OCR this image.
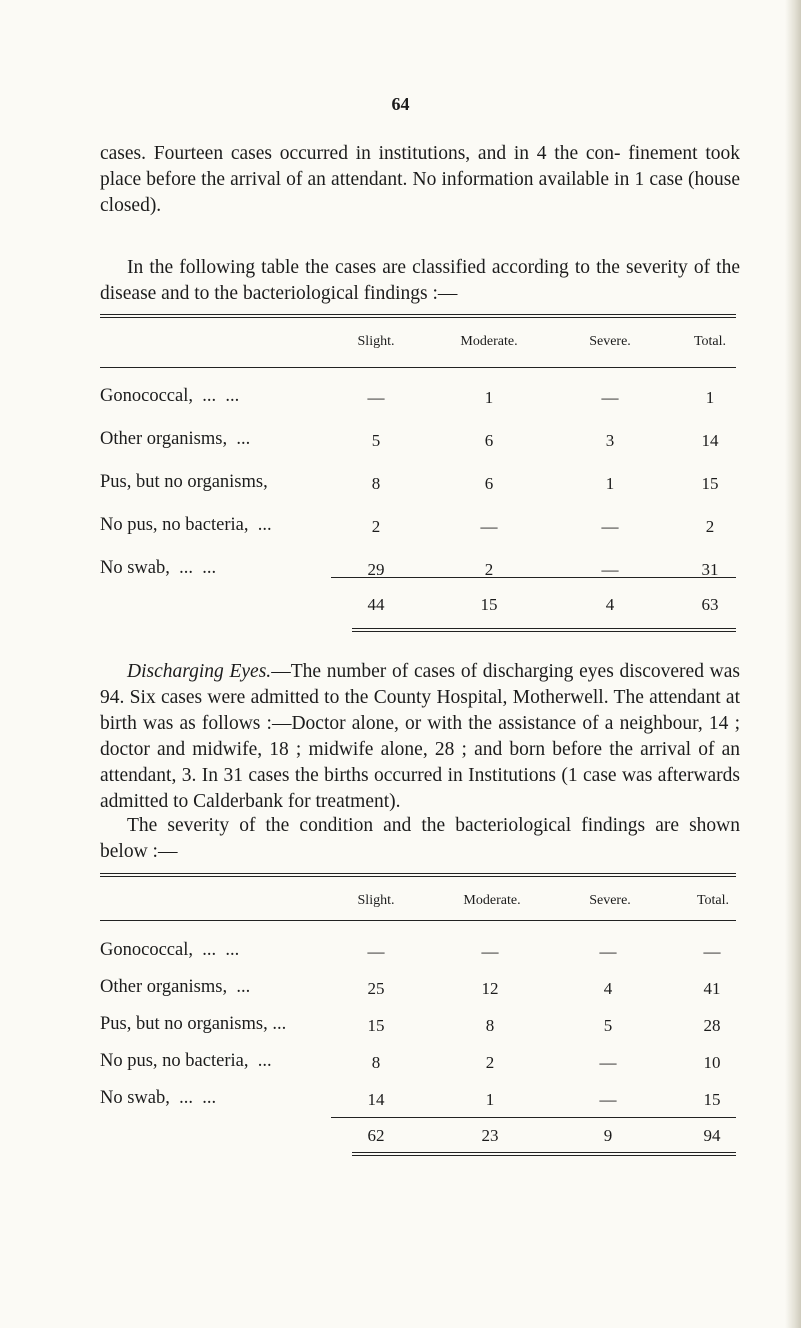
64

cases. Fourteen cases occurred in institutions, and in 4 the con- finement took place before the arrival of an attendant. No information available in 1 case (house closed).

In the following table the cases are classified according to the severity of the disease and to the bacteriological findings :—

Slight.	Moderate.	Severe.	Total.
Gonococcal,  ...  ...	—	1	—	1
Other organisms,  ...	5	6	3	14
Pus, but no organisms,	8	6	1	15
No pus, no bacteria,  ...	2	—	—	2
No swab,  ...  ...	29	2	—	31
44	15	4	63

Discharging Eyes.—The number of cases of discharging eyes discovered was 94. Six cases were admitted to the County Hospital, Motherwell. The attendant at birth was as follows :—Doctor alone, or with the assistance of a neighbour, 14 ; doctor and midwife, 18 ; midwife alone, 28 ; and born before the arrival of an attendant, 3. In 31 cases the births occurred in Institutions (1 case was afterwards admitted to Calderbank for treatment).

The severity of the condition and the bacteriological findings are shown below :—

Slight.	Moderate.	Severe.	Total.
Gonococcal,  ...  ...	—	—	—	—
Other organisms,  ...	25	12	4	41
Pus, but no organisms, ...	15	8	5	28
No pus, no bacteria,  ...	8	2	—	10
No swab,  ...  ...	14	1	—	15
62	23	9	94
